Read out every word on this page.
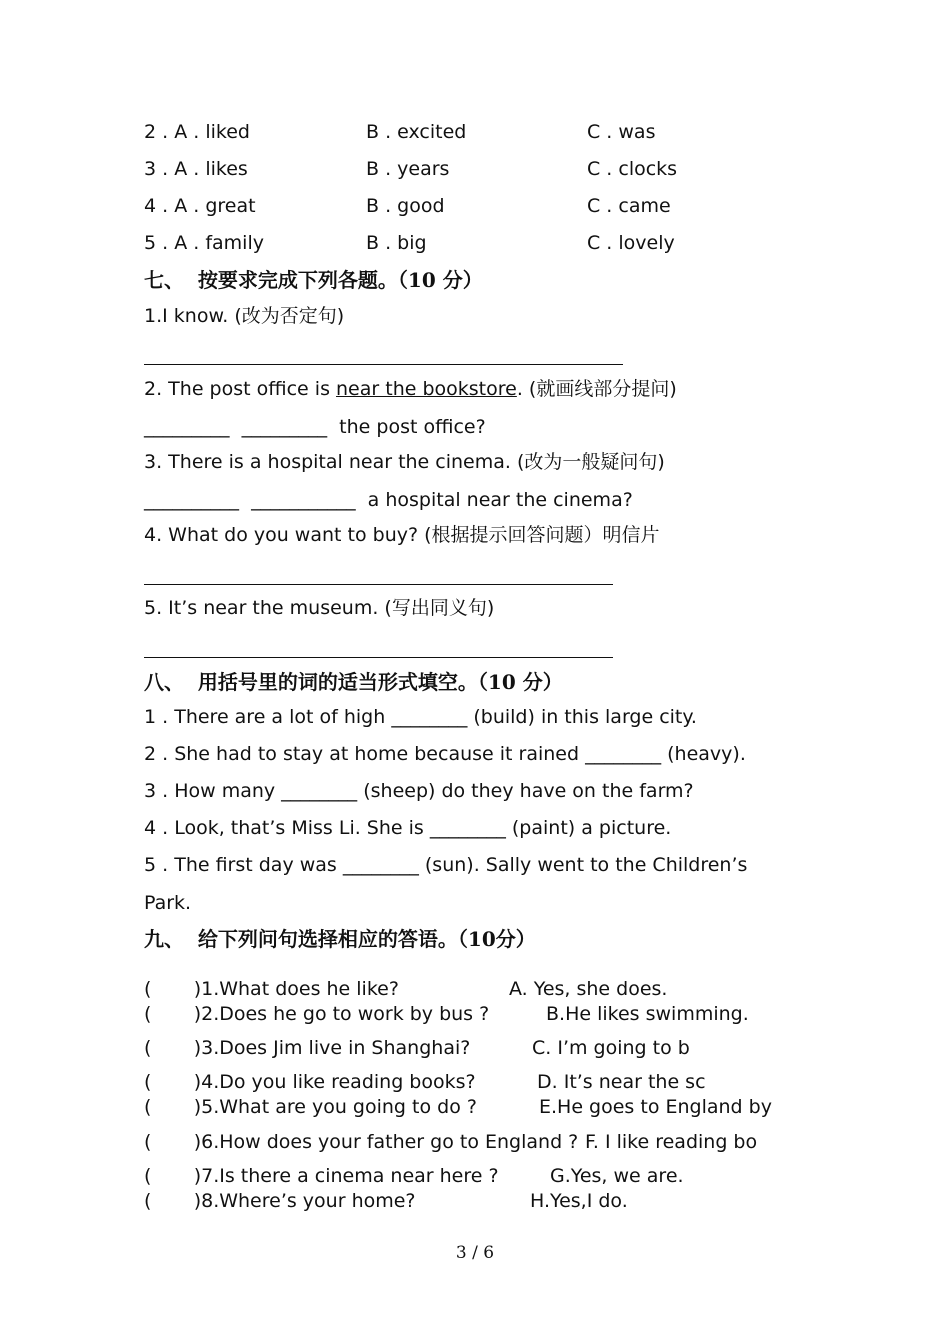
2 . A . liked	B . excited	C . was
3 . A . likes	B . years	C . clocks
4 . A . great	B . good	C . came
5 . A . family	B . big	C . lovely
七、  按要求完成下列各题。（10 分）
1.I know. (改为否定句)
2. The post office is near the bookstore. (就画线部分提问)
_________  _________  the post office?
3. There is a hospital near the cinema. (改为一般疑问句)
__________  ___________  a hospital near the cinema?
4. What do you want to buy? (根据提示回答问题）明信片
5. It’s near the museum. (写出同义句)
八、  用括号里的词的适当形式填空。（10 分）
1 . There are a lot of high ________ (build) in this large city.
2 . She had to stay at home because it rained ________ (heavy).
3 . How many ________ (sheep) do they have on the farm?
4 . Look, that’s Miss Li. She is ________ (paint) a picture.
5 . The first day was ________ (sun). Sally went to the Children’s
Park.
九、  给下列问句选择相应的答语。（10分）
(       )1.What does he like?	A. Yes, she does.
(       )2.Does he go to work by bus ?	B.He likes swimming.
(       )3.Does Jim live in Shanghai?	C. I’m going to b
(       )4.Do you like reading books?	D. It’s near the sc
(       )5.What are you going to do ?	E.He goes to England by
(       )6.How does your father go to England ? F. I like reading bo
(       )7.Is there a cinema near here ?	G.Yes, we are.
(       )8.Where’s your home?	H.Yes,I do.
3 / 6
